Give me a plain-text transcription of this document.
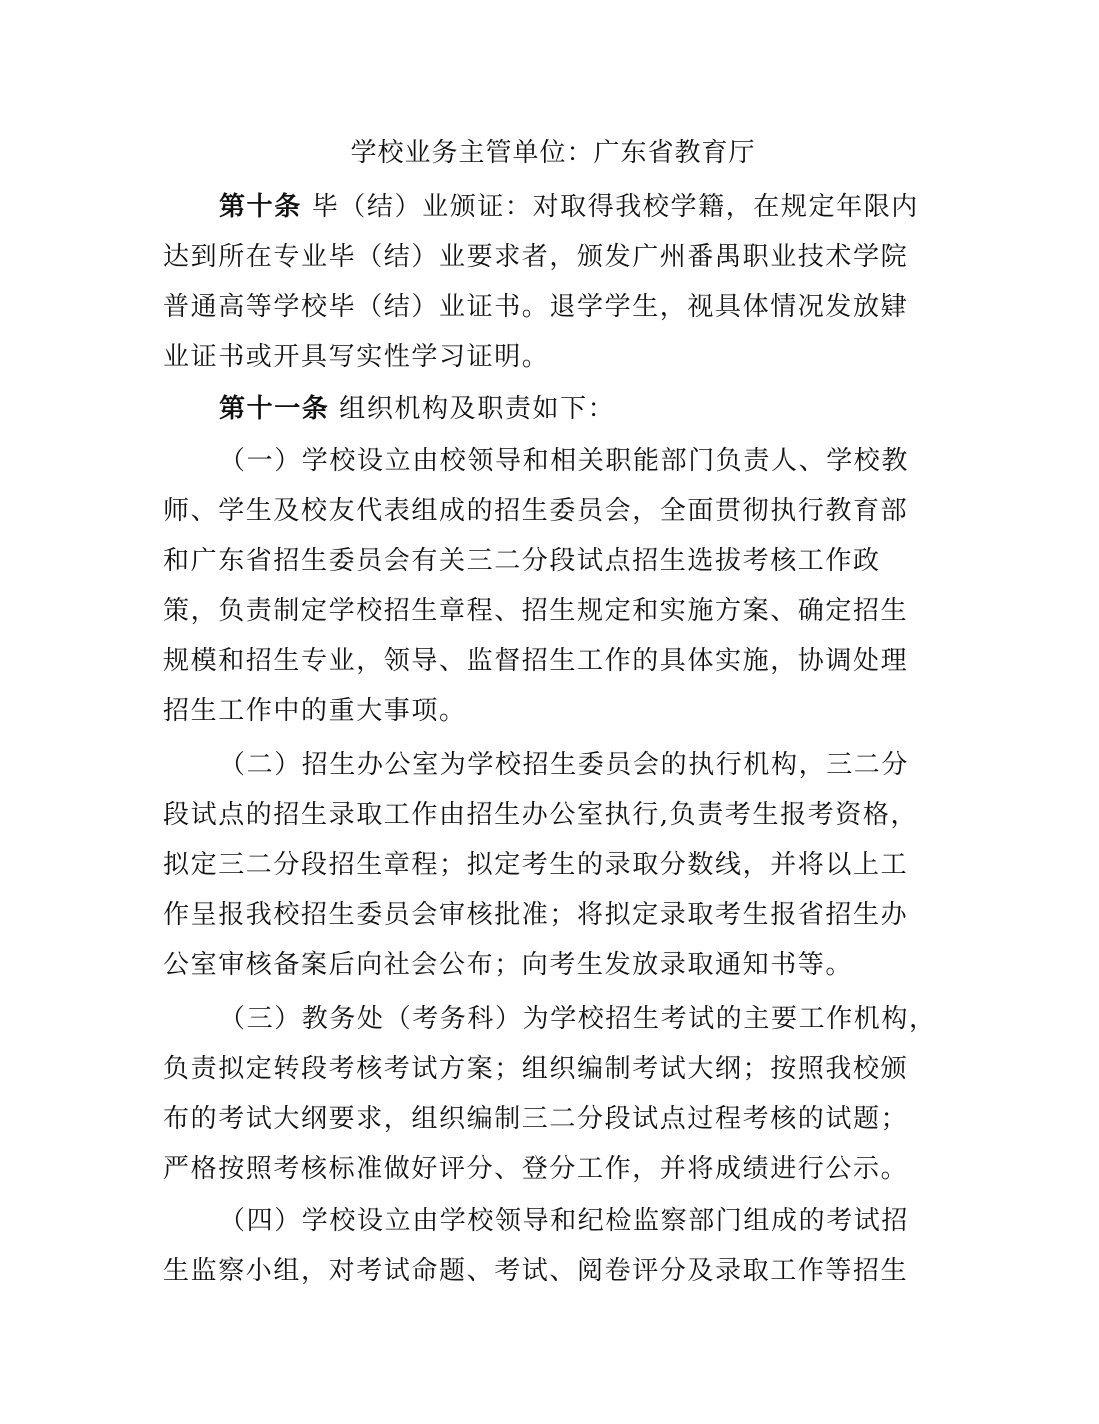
学校业务主管单位：广东省教育厅
第十条 毕（结）业颁证：对取得我校学籍，在规定年限内
达到所在专业毕（结）业要求者，颁发广州番禺职业技术学院
普通高等学校毕（结）业证书。退学学生，视具体情况发放肄
业证书或开具写实性学习证明。
第十一条 组织机构及职责如下：
（一）学校设立由校领导和相关职能部门负责人、学校教
师、学生及校友代表组成的招生委员会，全面贯彻执行教育部
和广东省招生委员会有关三二分段试点招生选拔考核工作政
策，负责制定学校招生章程、招生规定和实施方案、确定招生
规模和招生专业，领导、监督招生工作的具体实施，协调处理
招生工作中的重大事项。
（二）招生办公室为学校招生委员会的执行机构，三二分
段试点的招生录取工作由招生办公室执行,负责考生报考资格，
拟定三二分段招生章程；拟定考生的录取分数线，并将以上工
作呈报我校招生委员会审核批准；将拟定录取考生报省招生办
公室审核备案后向社会公布；向考生发放录取通知书等。
（三）教务处（考务科）为学校招生考试的主要工作机构，
负责拟定转段考核考试方案；组织编制考试大纲；按照我校颁
布的考试大纲要求，组织编制三二分段试点过程考核的试题；
严格按照考核标准做好评分、登分工作，并将成绩进行公示。
（四）学校设立由学校领导和纪检监察部门组成的考试招
生监察小组，对考试命题、考试、阅卷评分及录取工作等招生
